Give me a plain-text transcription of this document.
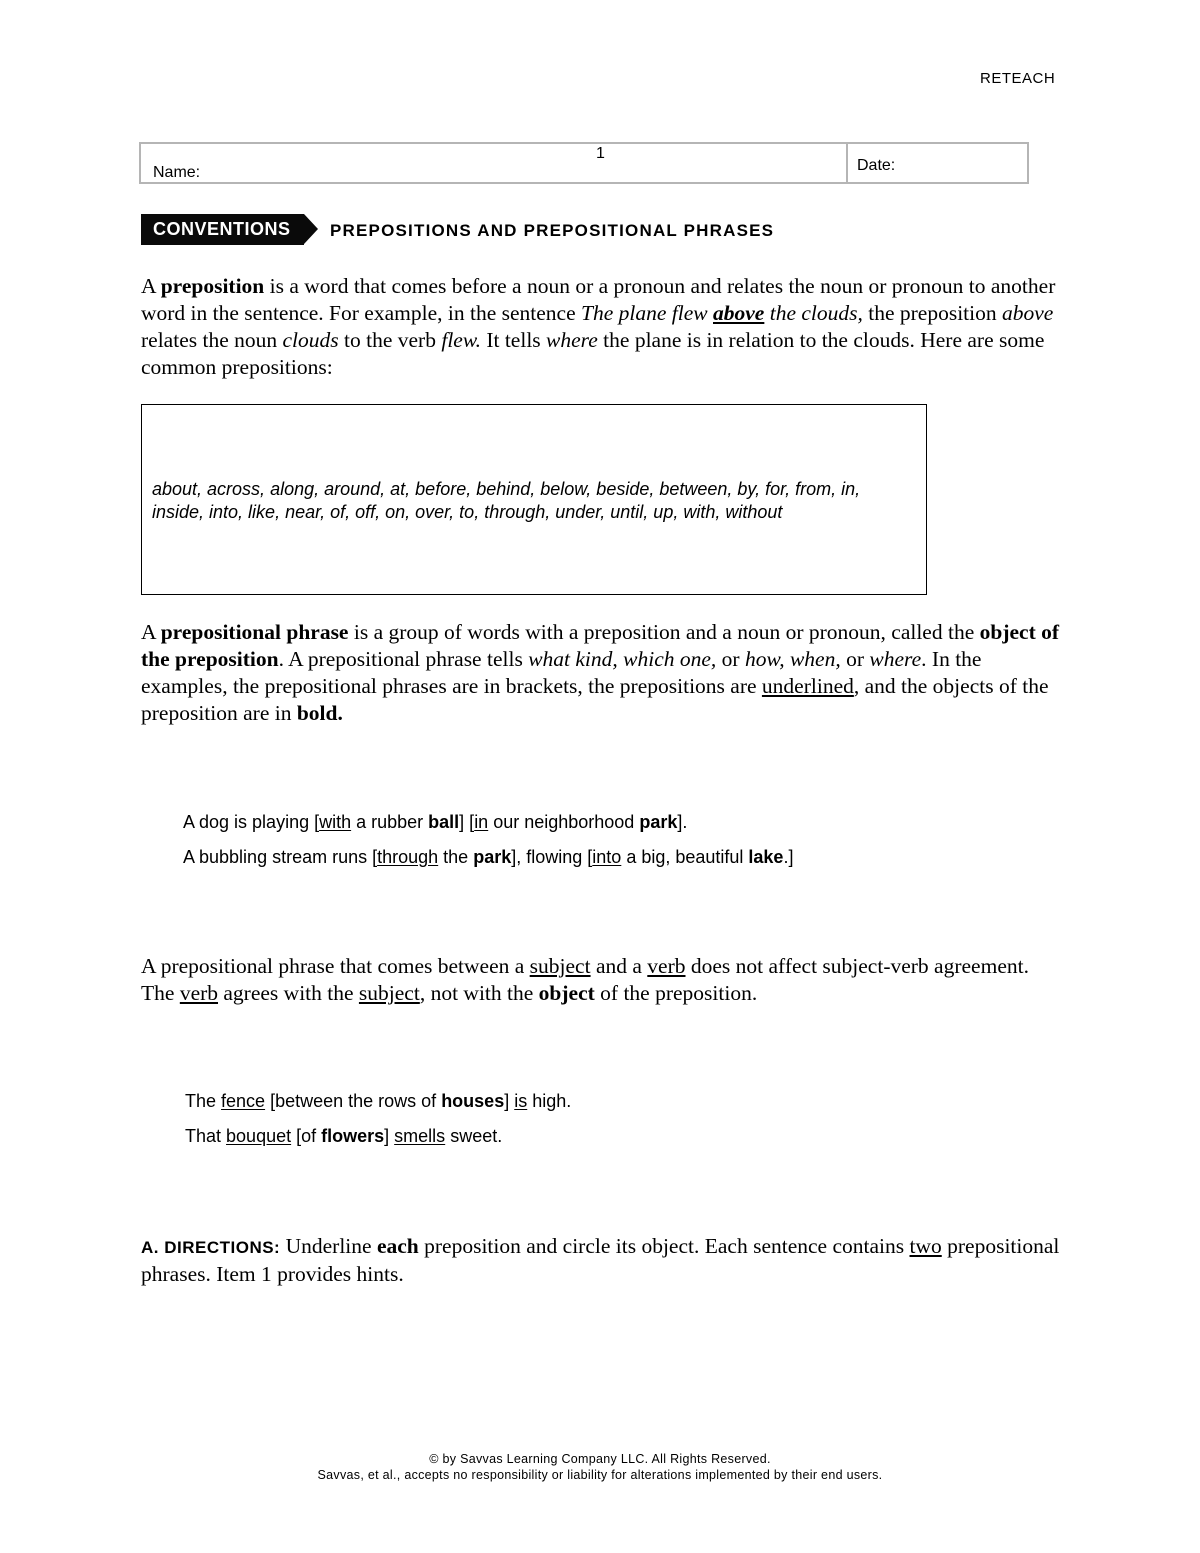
RETEACH
1
Name:	Date:
CONVENTIONS	PREPOSITIONS AND PREPOSITIONAL PHRASES
A preposition is a word that comes before a noun or a pronoun and relates the noun or pronoun to another word in the sentence. For example, in the sentence The plane flew above the clouds, the preposition above relates the noun clouds to the verb flew. It tells where the plane is in relation to the clouds. Here are some common prepositions:
about, across, along, around, at, before, behind, below, beside, between, by, for, from, in, inside, into, like, near, of, off, on, over, to, through, under, until, up, with, without
A prepositional phrase is a group of words with a preposition and a noun or pronoun, called the object of the preposition. A prepositional phrase tells what kind, which one, or how, when, or where. In the examples, the prepositional phrases are in brackets, the prepositions are underlined, and the objects of the preposition are in bold.
A dog is playing [with a rubber ball] [in our neighborhood park].
A bubbling stream runs [through the park], flowing [into a big, beautiful lake.]
A prepositional phrase that comes between a subject and a verb does not affect subject-verb agreement. The verb agrees with the subject, not with the object of the preposition.
The fence [between the rows of houses] is high.
That bouquet [of flowers] smells sweet.
A. DIRECTIONS: Underline each preposition and circle its object. Each sentence contains two prepositional phrases. Item 1 provides hints.
© by Savvas Learning Company LLC. All Rights Reserved.
Savvas, et al., accepts no responsibility or liability for alterations implemented by their end users.
